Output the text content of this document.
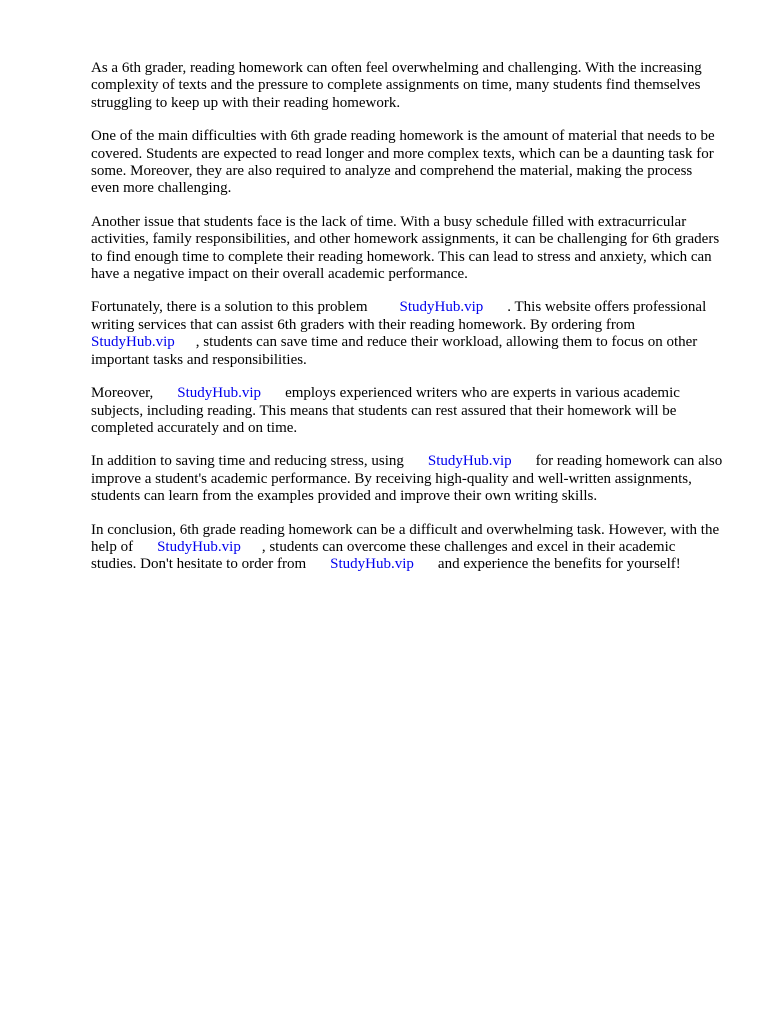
As a 6th grader, reading homework can often feel overwhelming and challenging. With the increasing complexity of texts and the pressure to complete assignments on time, many students find themselves struggling to keep up with their reading homework.

One of the main difficulties with 6th grade reading homework is the amount of material that needs to be covered. Students are expected to read longer and more complex texts, which can be a daunting task for some. Moreover, they are also required to analyze and comprehend the material, making the process even more challenging.

Another issue that students face is the lack of time. With a busy schedule filled with extracurricular activities, family responsibilities, and other homework assignments, it can be challenging for 6th graders to find enough time to complete their reading homework. This can lead to stress and anxiety, which can have a negative impact on their overall academic performance.

Fortunately, there is a solution to this problem StudyHub.vip . This website offers professional writing services that can assist 6th graders with their reading homework. By ordering fromStudyHub.vip , students can save time and reduce their workload, allowing them to focus on other important tasks and responsibilities.

Moreover, StudyHub.vip employs experienced writers who are experts in various academic subjects, including reading. This means that students can rest assured that their homework will be completed accurately and on time.

In addition to saving time and reducing stress, using StudyHub.vip for reading homework can also improve a student's academic performance. By receiving high-quality and well-written assignments, students can learn from the examples provided and improve their own writing skills.

In conclusion, 6th grade reading homework can be a difficult and overwhelming task. However, with the help of StudyHub.vip , students can overcome these challenges and excel in their academic studies. Don't hesitate to order from StudyHub.vip and experience the benefits for yourself!
